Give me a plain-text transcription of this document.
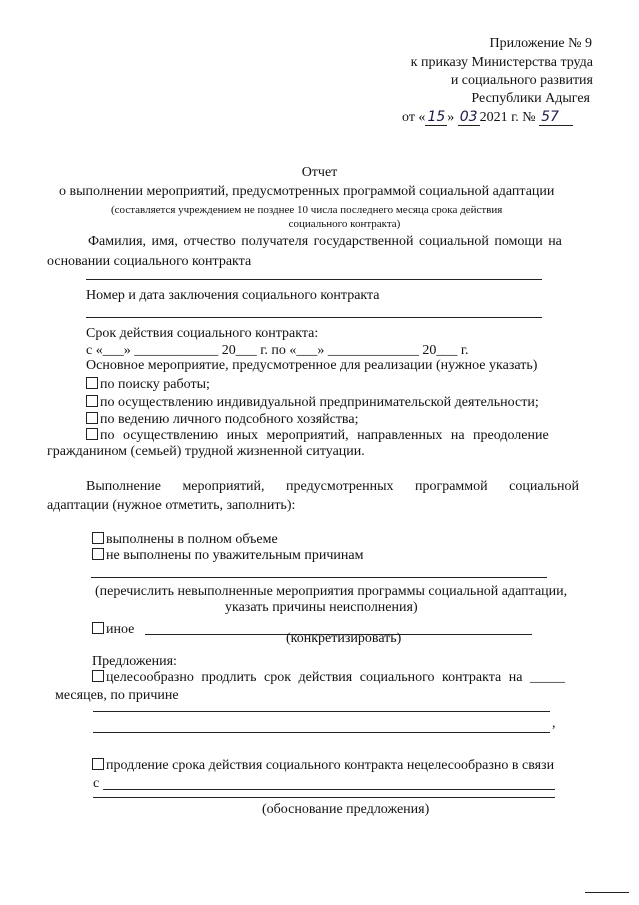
Приложение № 9
к приказу Министерства труда
и социального развития
Республики Адыгея
от « 15 » 03 2021 г. № 57
Отчет
о выполнении мероприятий, предусмотренных программой социальной адаптации
(составляется учреждением не позднее 10 числа последнего месяца срока действия
социального контракта)
Фамилия, имя, отчество получателя государственной социальной помощи на
основании социального контракта
Номер и дата заключения социального контракта
Срок действия социального контракта:
с «___» ____________ 20___ г. по «___» _____________ 20___ г.
Основное мероприятие, предусмотренное для реализации (нужное указать)
по поиску работы;
по осуществлению индивидуальной предпринимательской деятельности;
по ведению личного подсобного хозяйства;
по осуществлению иных мероприятий, направленных на преодоление
гражданином (семьей) трудной жизненной ситуации.
Выполнение мероприятий, предусмотренных программой социальной
адаптации (нужное отметить, заполнить):
выполнены в полном объеме
не выполнены по уважительным причинам
(перечислить невыполненные мероприятия программы социальной адаптации,
указать причины неисполнения)
иное
(конкретизировать)
Предложения:
целесообразно продлить срок действия социального контракта на _____
месяцев, по причине
,
продление срока действия социального контракта нецелесообразно в связи
с
(обоснование предложения)
